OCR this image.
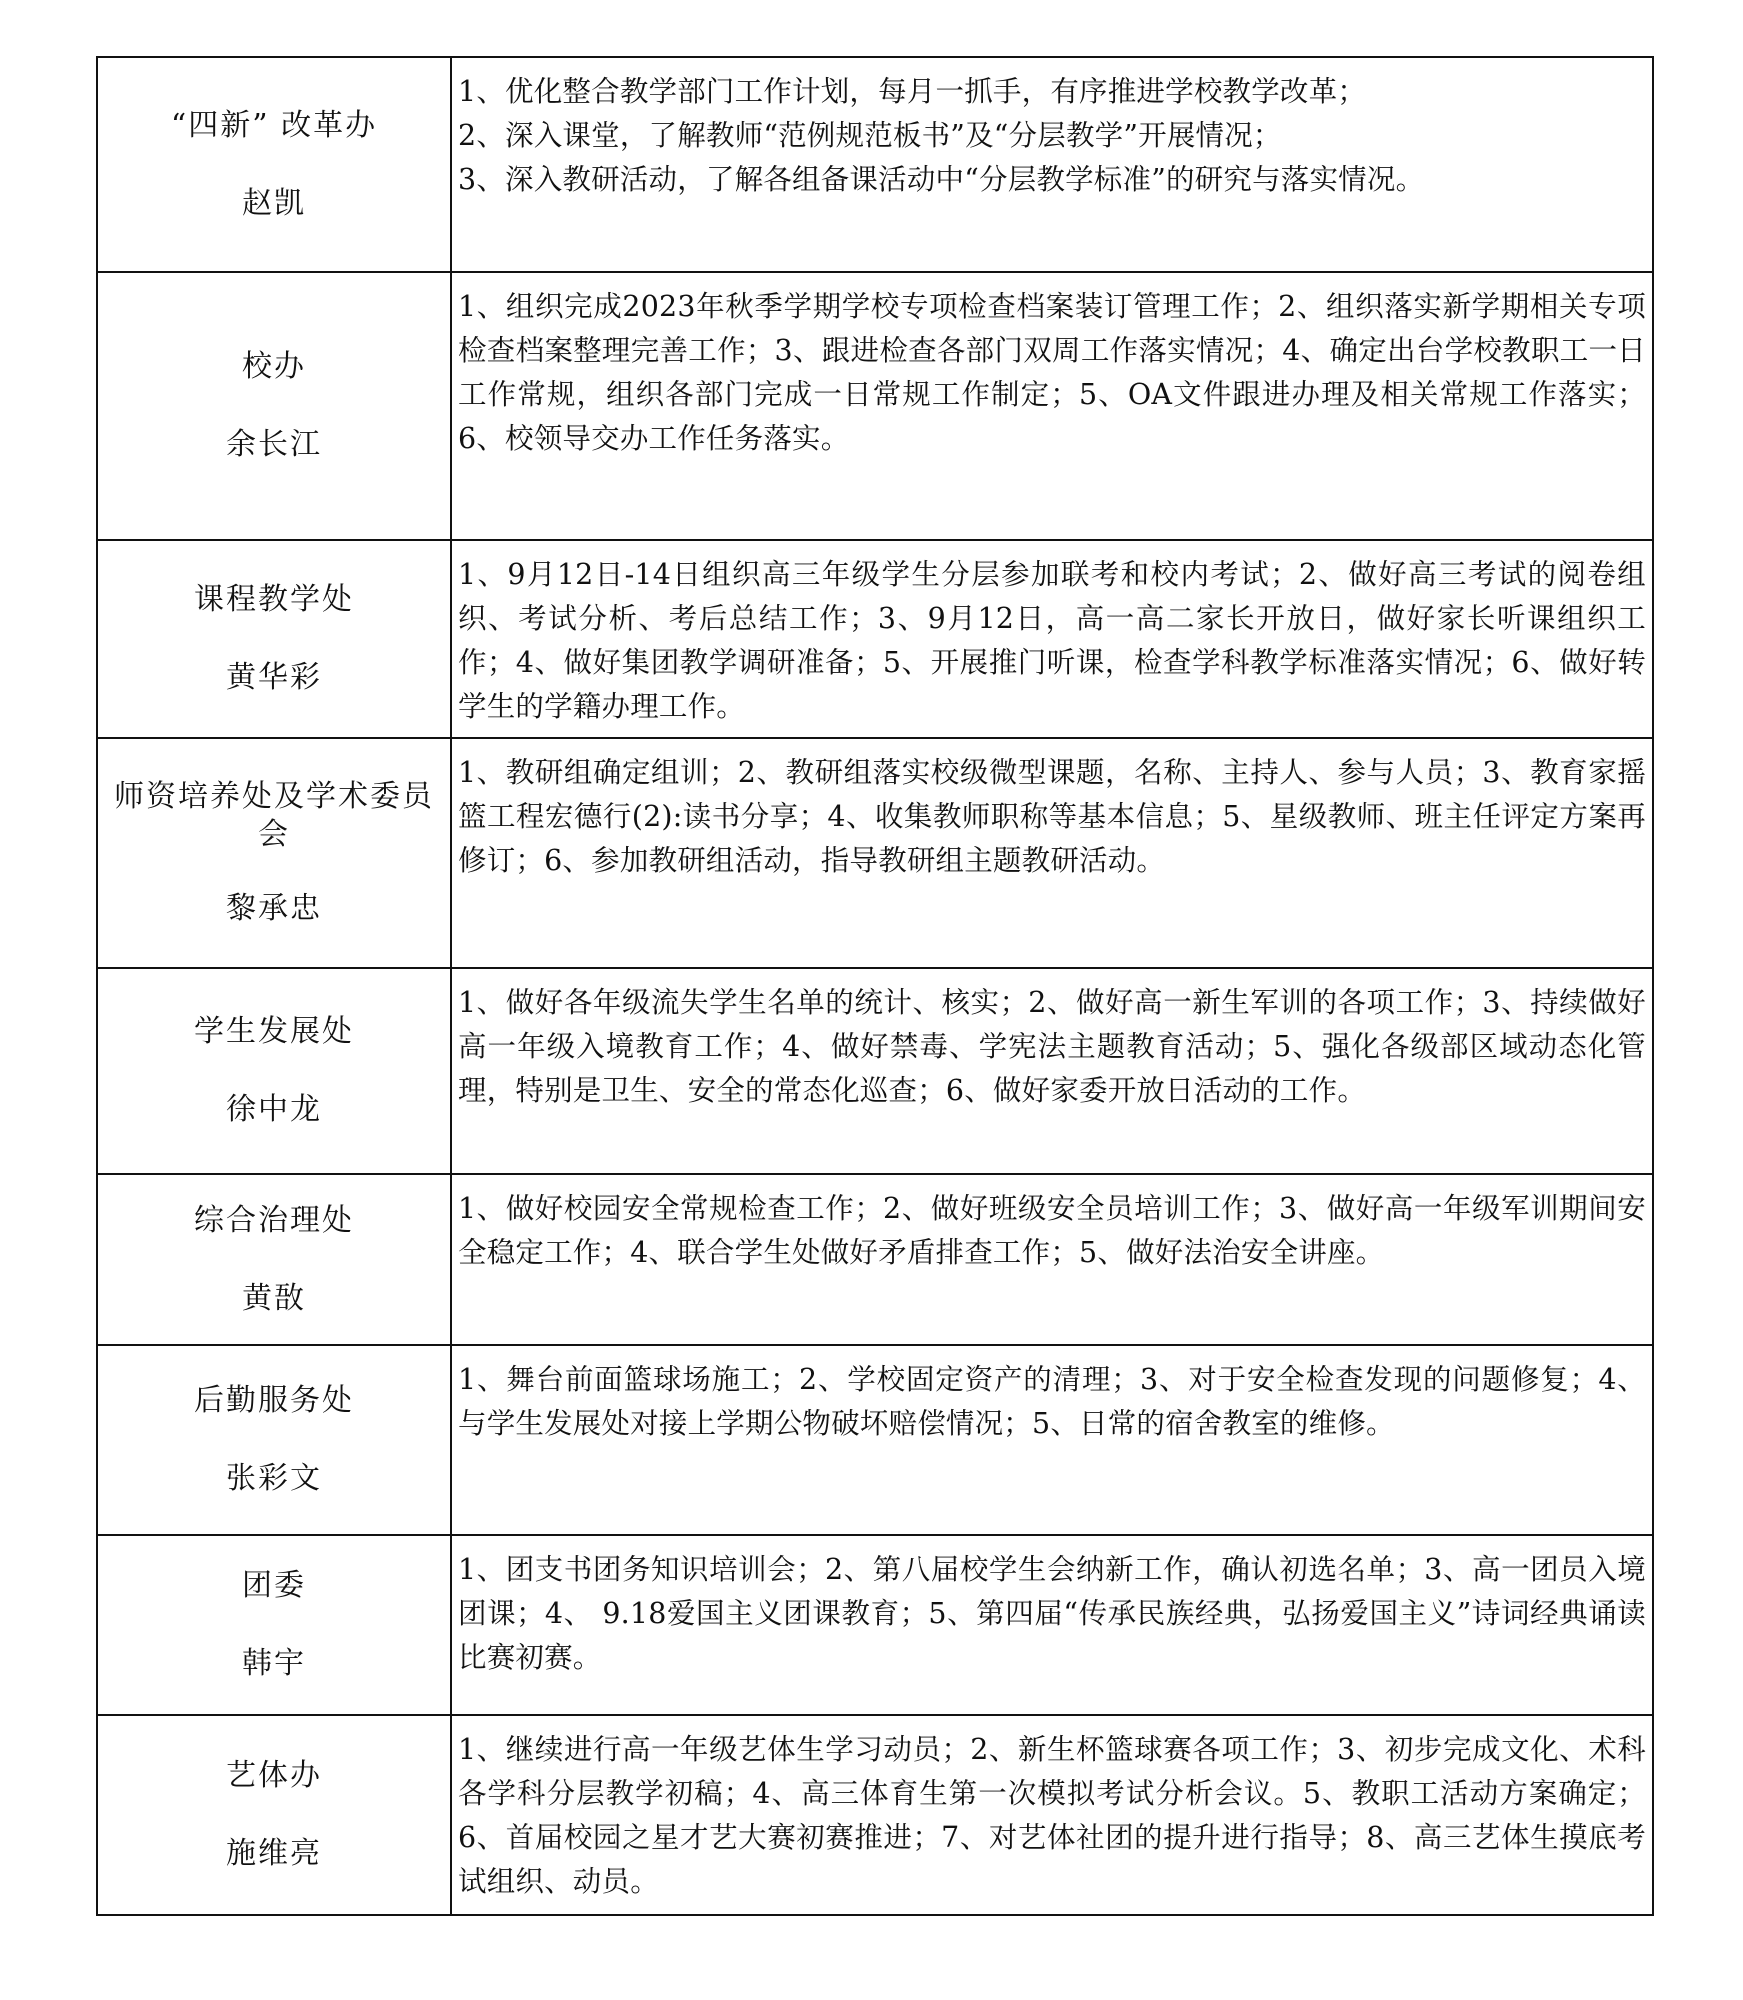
“四新” 改革办
赵凯	1、优化整合教学部门工作计划，每月一抓手，有序推进学校教学改革；
2、深入课堂，了解教师“范例规范板书”及“分层教学”开展情况；
3、深入教研活动，了解各组备课活动中“分层教学标准”的研究与落实情况。

校办
余长江	1、组织完成2023年秋季学期学校专项检查档案装订管理工作；2、组织落实新学期相关专项检查档案整理完善工作；3、跟进检查各部门双周工作落实情况；4、确定出台学校教职工一日工作常规，组织各部门完成一日常规工作制定；5、OA文件跟进办理及相关常规工作落实；6、校领导交办工作任务落实。

课程教学处
黄华彩	1、9月12日-14日组织高三年级学生分层参加联考和校内考试；2、做好高三考试的阅卷组织、考试分析、考后总结工作；3、9月12日，高一高二家长开放日，做好家长听课组织工作；4、做好集团教学调研准备；5、开展推门听课，检查学科教学标准落实情况；6、做好转学生的学籍办理工作。

师资培养处及学术委员会
黎承忠	1、教研组确定组训；2、教研组落实校级微型课题，名称、主持人、参与人员；3、教育家摇篮工程宏德行(2):读书分享；4、收集教师职称等基本信息；5、星级教师、班主任评定方案再修订；6、参加教研组活动，指导教研组主题教研活动。

学生发展处
徐中龙	1、做好各年级流失学生名单的统计、核实；2、做好高一新生军训的各项工作；3、持续做好高一年级入境教育工作；4、做好禁毒、学宪法主题教育活动；5、强化各级部区域动态化管理，特别是卫生、安全的常态化巡查；6、做好家委开放日活动的工作。

综合治理处
黄敔	1、做好校园安全常规检查工作；2、做好班级安全员培训工作；3、做好高一年级军训期间安全稳定工作；4、联合学生处做好矛盾排查工作；5、做好法治安全讲座。

后勤服务处
张彩文	1、舞台前面篮球场施工；2、学校固定资产的清理；3、对于安全检查发现的问题修复；4、与学生发展处对接上学期公物破坏赔偿情况；5、日常的宿舍教室的维修。

团委
韩宇	1、团支书团务知识培训会；2、第八届校学生会纳新工作，确认初选名单；3、高一团员入境团课；4、 9.18爱国主义团课教育；5、第四届“传承民族经典，弘扬爱国主义”诗词经典诵读比赛初赛。

艺体办
施维亮	1、继续进行高一年级艺体生学习动员；2、新生杯篮球赛各项工作；3、初步完成文化、术科各学科分层教学初稿；4、高三体育生第一次模拟考试分析会议。5、教职工活动方案确定；6、首届校园之星才艺大赛初赛推进；7、对艺体社团的提升进行指导；8、高三艺体生摸底考试组织、动员。
